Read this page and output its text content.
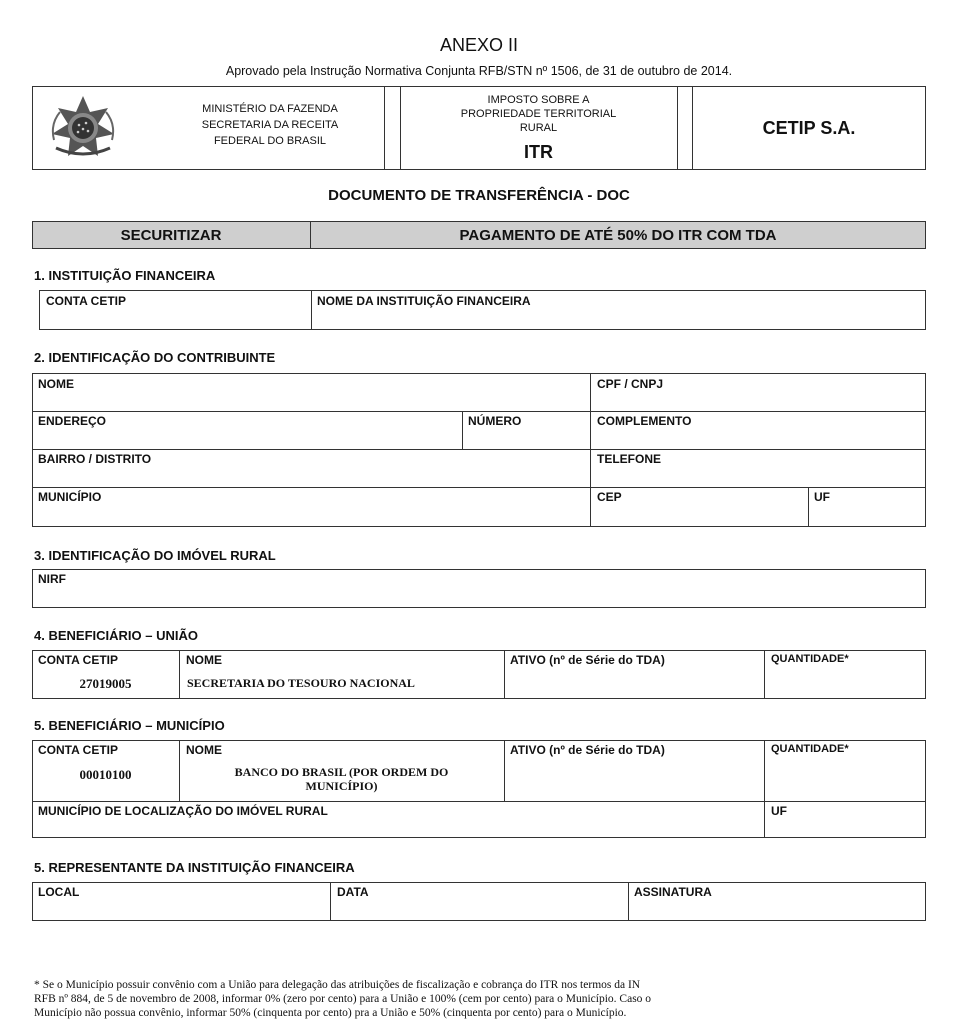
ANEXO II
Aprovado pela Instrução Normativa Conjunta RFB/STN nº 1506, de 31 de outubro de 2014.
MINISTÉRIO DA FAZENDA
SECRETARIA DA RECEITA
FEDERAL DO BRASIL
IMPOSTO SOBRE A
PROPRIEDADE TERRITORIAL
RURAL
ITR
CETIP S.A.
DOCUMENTO DE TRANSFERÊNCIA - DOC
SECURITIZAR	PAGAMENTO DE ATÉ 50% DO ITR COM TDA
1. INSTITUIÇÃO FINANCEIRA
CONTA CETIP	NOME DA INSTITUIÇÃO FINANCEIRA
2. IDENTIFICAÇÃO DO CONTRIBUINTE
NOME	CPF / CNPJ
ENDEREÇO	NÚMERO	COMPLEMENTO
BAIRRO / DISTRITO	TELEFONE
MUNICÍPIO	CEP	UF
3. IDENTIFICAÇÃO DO IMÓVEL RURAL
NIRF
4. BENEFICIÁRIO – UNIÃO
CONTA CETIP	NOME	ATIVO (nº de Série do TDA)	QUANTIDADE*
27019005	SECRETARIA DO TESOURO NACIONAL
5. BENEFICIÁRIO – MUNICÍPIO
CONTA CETIP	NOME	ATIVO (nº de Série do TDA)	QUANTIDADE*
00010100	BANCO DO BRASIL (POR ORDEM DO
MUNICÍPIO)
MUNICÍPIO DE LOCALIZAÇÃO DO IMÓVEL RURAL	UF
5. REPRESENTANTE DA INSTITUIÇÃO FINANCEIRA
LOCAL	DATA	ASSINATURA
* Se o Município possuir convênio com a União para delegação das atribuições de fiscalização e cobrança do ITR nos termos da IN
RFB nº 884, de 5 de novembro de 2008, informar 0% (zero por cento) para a União e 100% (cem por cento) para o Município. Caso o
Município não possua convênio, informar 50% (cinquenta por cento) pra a União e 50% (cinquenta por cento) para o Município.
